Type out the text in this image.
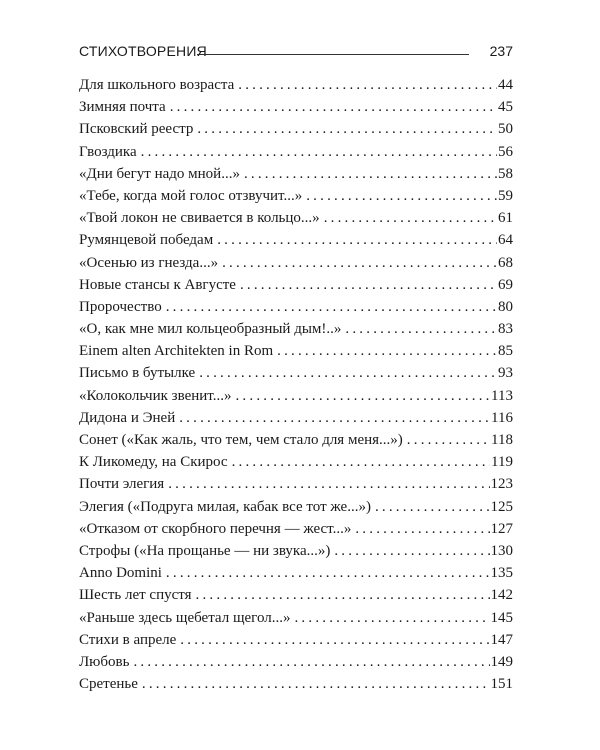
СТИХОТВОРЕНИЯ	237
Для школьного возраста .....	44
Зимняя почта .....	45
Псковский реестр .....	50
Гвоздика .....	56
«Дни бегут надо мной...» .....	58
«Тебе, когда мой голос отзвучит...» .....	59
«Твой локон не свивается в кольцо...» .....	61
Румянцевой победам .....	64
«Осенью из гнезда...» .....	68
Новые стансы к Августе .....	69
Пророчество .....	80
«О, как мне мил кольцеобразный дым!..» .....	83
Einem alten Architekten in Rom .....	85
Письмо в бутылке .....	93
«Колокольчик звенит...» .....	113
Дидона и Эней .....	116
Сонет («Как жаль, что тем, чем стало для меня...») .....	118
К Ликомеду, на Скирос .....	119
Почти элегия .....	123
Элегия («Подруга милая, кабак все тот же...») .....	125
«Отказом от скорбного перечня — жест...» .....	127
Строфы («На прощанье — ни звука...») .....	130
Anno Domini .....	135
Шесть лет спустя .....	142
«Раньше здесь щебетал щегол...» .....	145
Стихи в апреле .....	147
Любовь .....	149
Сретенье .....	151
